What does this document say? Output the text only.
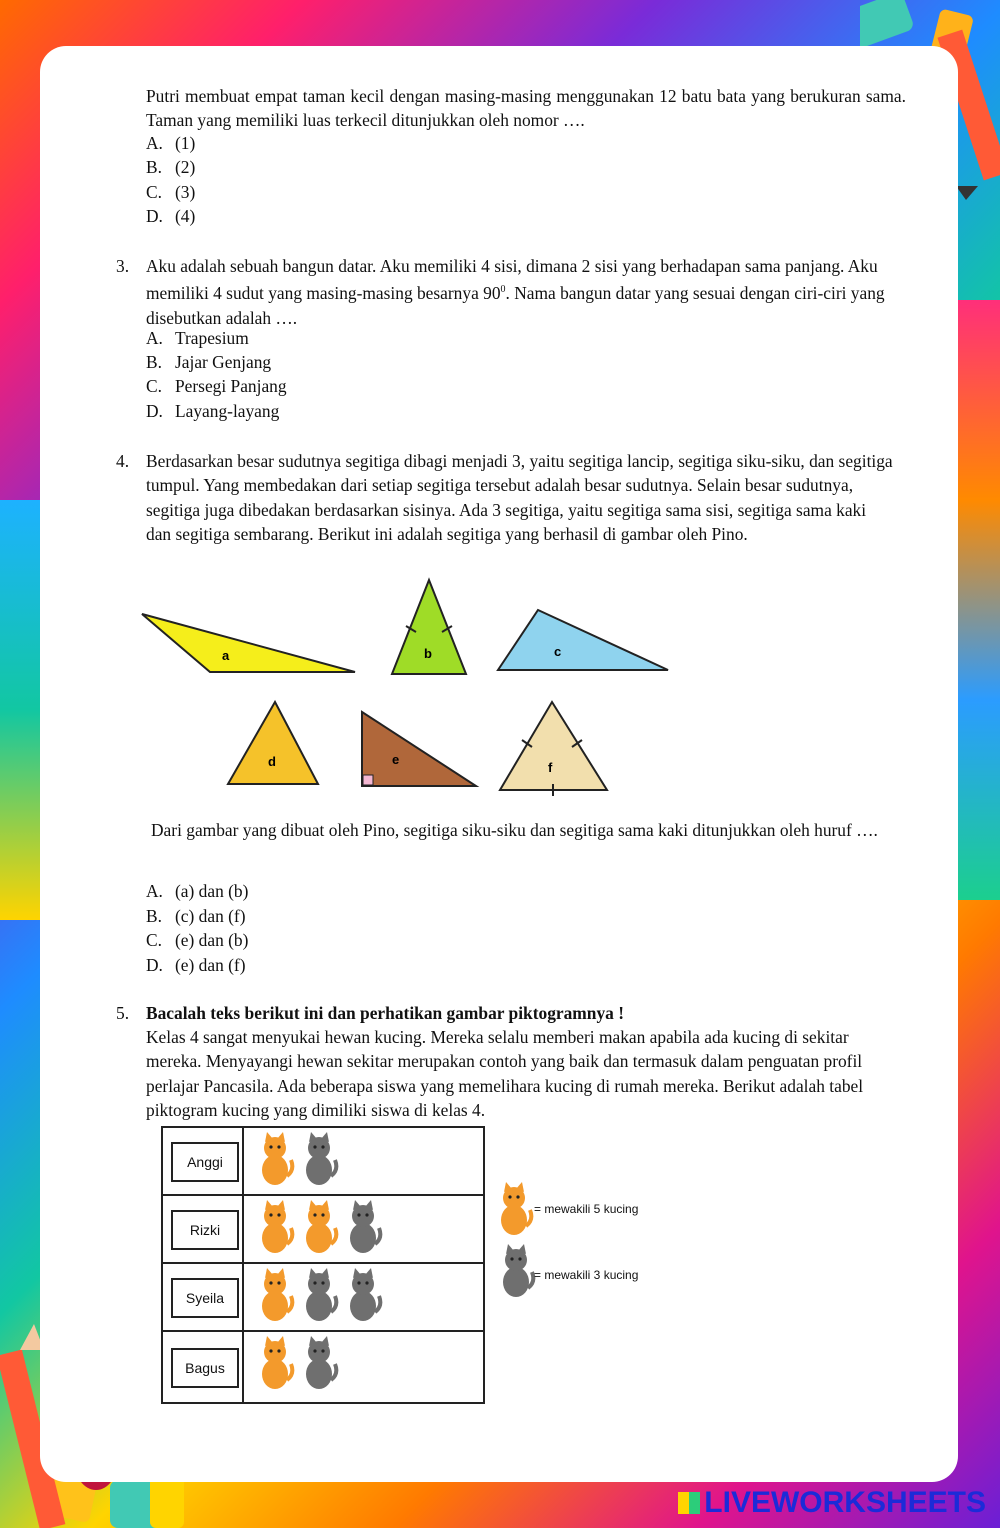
Putri membuat empat taman kecil dengan masing-masing menggunakan 12 batu bata yang berukuran sama. Taman yang memiliki luas terkecil ditunjukkan oleh nomor ….
A. (1)
B. (2)
C. (3)
D. (4)
3. Aku adalah sebuah bangun datar. Aku memiliki 4 sisi, dimana 2 sisi yang berhadapan sama panjang. Aku memiliki 4 sudut yang masing-masing besarnya $90^0$. Nama bangun datar yang sesuai dengan ciri-ciri yang disebutkan adalah ….
A. Trapesium
B. Jajar Genjang
C. Persegi Panjang
D. Layang-layang
4. Berdasarkan besar sudutnya segitiga dibagi menjadi 3, yaitu segitiga lancip, segitiga siku-siku, dan segitiga tumpul. Yang membedakan dari setiap segitiga tersebut adalah besar sudutnya. Selain besar sudutnya, segitiga juga dibedakan berdasarkan sisinya. Ada 3 segitiga, yaitu segitiga sama sisi, segitiga sama kaki dan segitiga sembarang. Berikut ini adalah segitiga yang berhasil di gambar oleh Pino.
a	b	c
d	e
f
Dari gambar yang dibuat oleh Pino, segitiga siku-siku dan segitiga sama kaki ditunjukkan oleh huruf ….
A. (a) dan (b)
B. (c) dan (f)
C. (e) dan (b)
D. (e) dan (f)
5. Bacalah teks berikut ini dan perhatikan gambar piktogramnya !
Kelas 4 sangat menyukai hewan kucing. Mereka selalu memberi makan apabila ada kucing di sekitar mereka. Menyayangi hewan sekitar merupakan contoh yang baik dan termasuk dalam penguatan profil perlajar Pancasila. Ada beberapa siswa yang memelihara kucing di rumah mereka. Berikut adalah tabel piktogram kucing yang dimiliki siswa di kelas 4.
Anggi
Rizki
Syeila
Bagus
= mewakili 5 kucing
= mewakili 3 kucing
LIVEWORKSHEETS
